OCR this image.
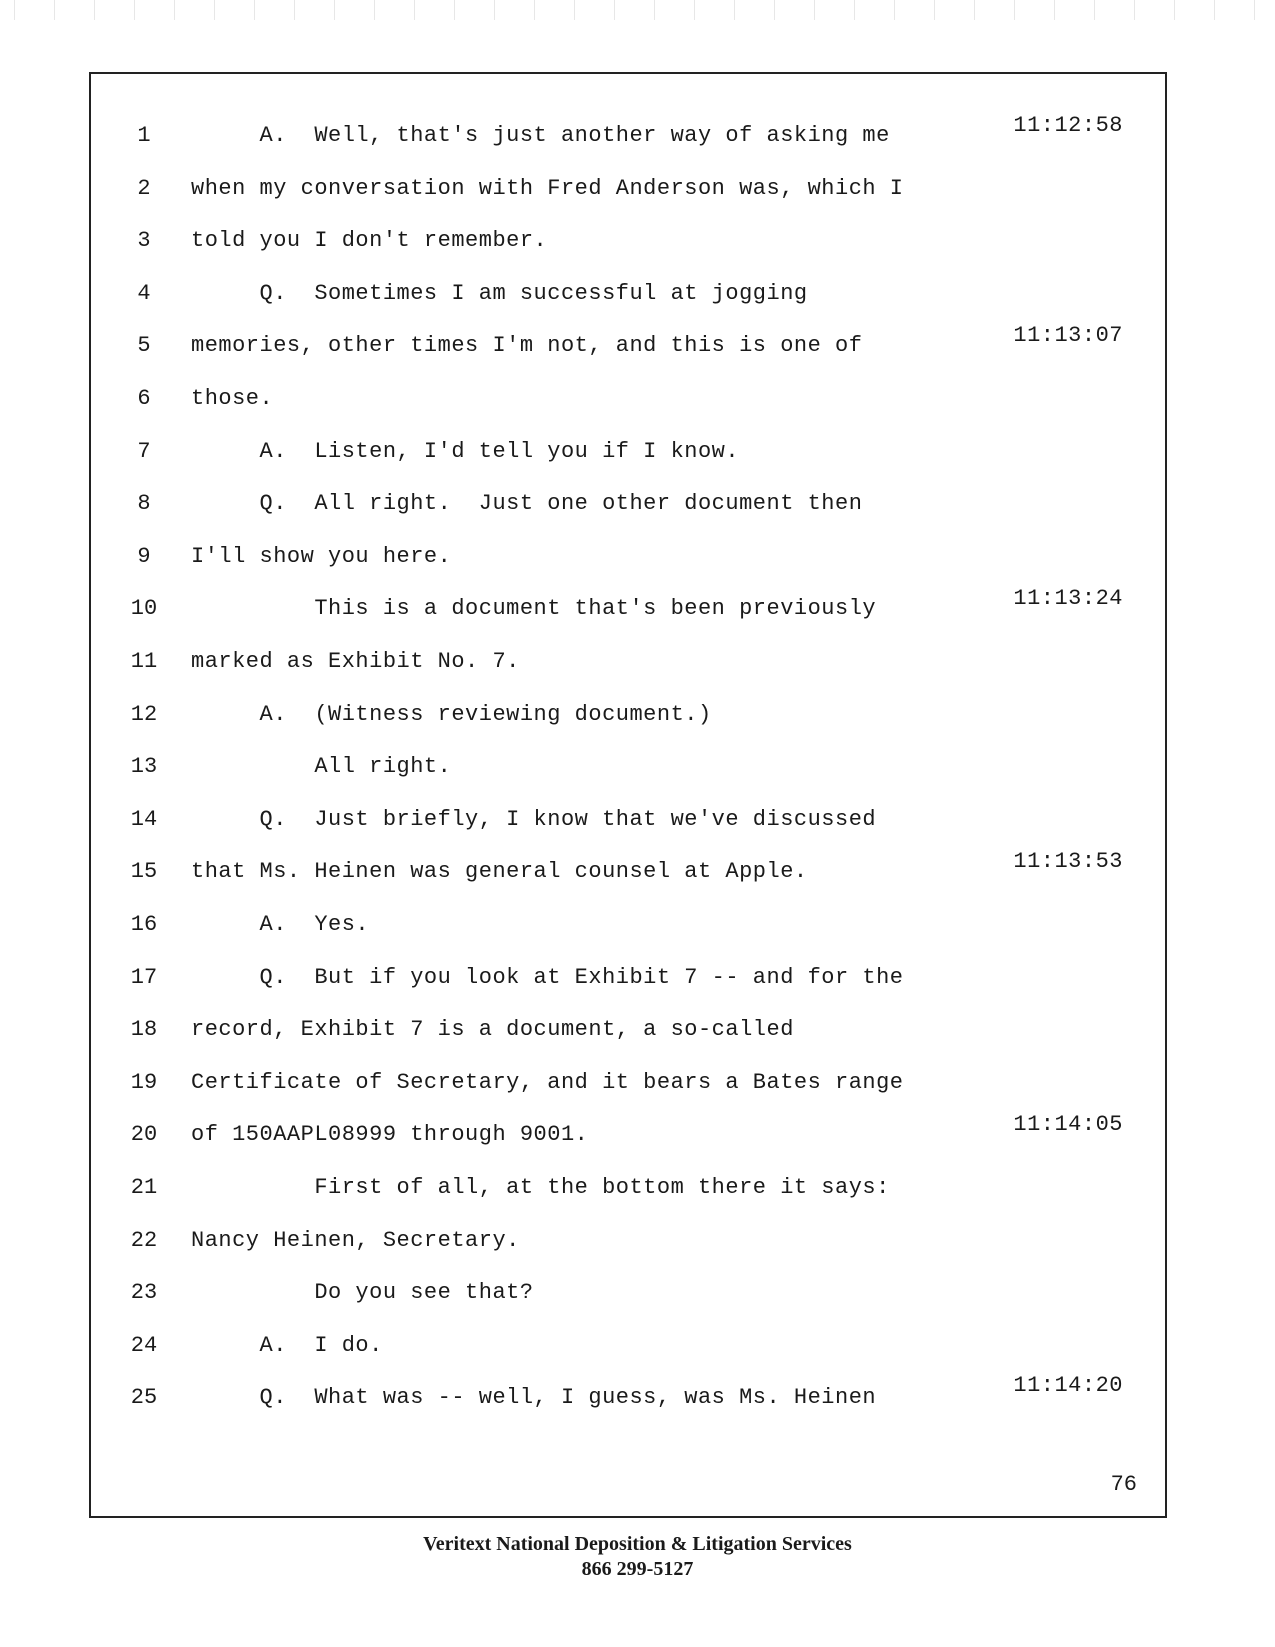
1	A.  Well, that's just another way of asking me	11:12:58
2	when my conversation with Fred Anderson was, which I
3	told you I don't remember.
4	Q.  Sometimes I am successful at jogging
5	memories, other times I'm not, and this is one of	11:13:07
6	those.
7	A.  Listen, I'd tell you if I know.
8	Q.  All right.  Just one other document then
9	I'll show you here.
10	This is a document that's been previously	11:13:24
11	marked as Exhibit No. 7.
12	A.  (Witness reviewing document.)
13	All right.
14	Q.  Just briefly, I know that we've discussed
15	that Ms. Heinen was general counsel at Apple.	11:13:53
16	A.  Yes.
17	Q.  But if you look at Exhibit 7 -- and for the
18	record, Exhibit 7 is a document, a so-called
19	Certificate of Secretary, and it bears a Bates range
20	of 150AAPL08999 through 9001.	11:14:05
21	First of all, at the bottom there it says:
22	Nancy Heinen, Secretary.
23	Do you see that?
24	A.  I do.
25	Q.  What was -- well, I guess, was Ms. Heinen	11:14:20
76
Veritext National Deposition & Litigation Services
866 299-5127
